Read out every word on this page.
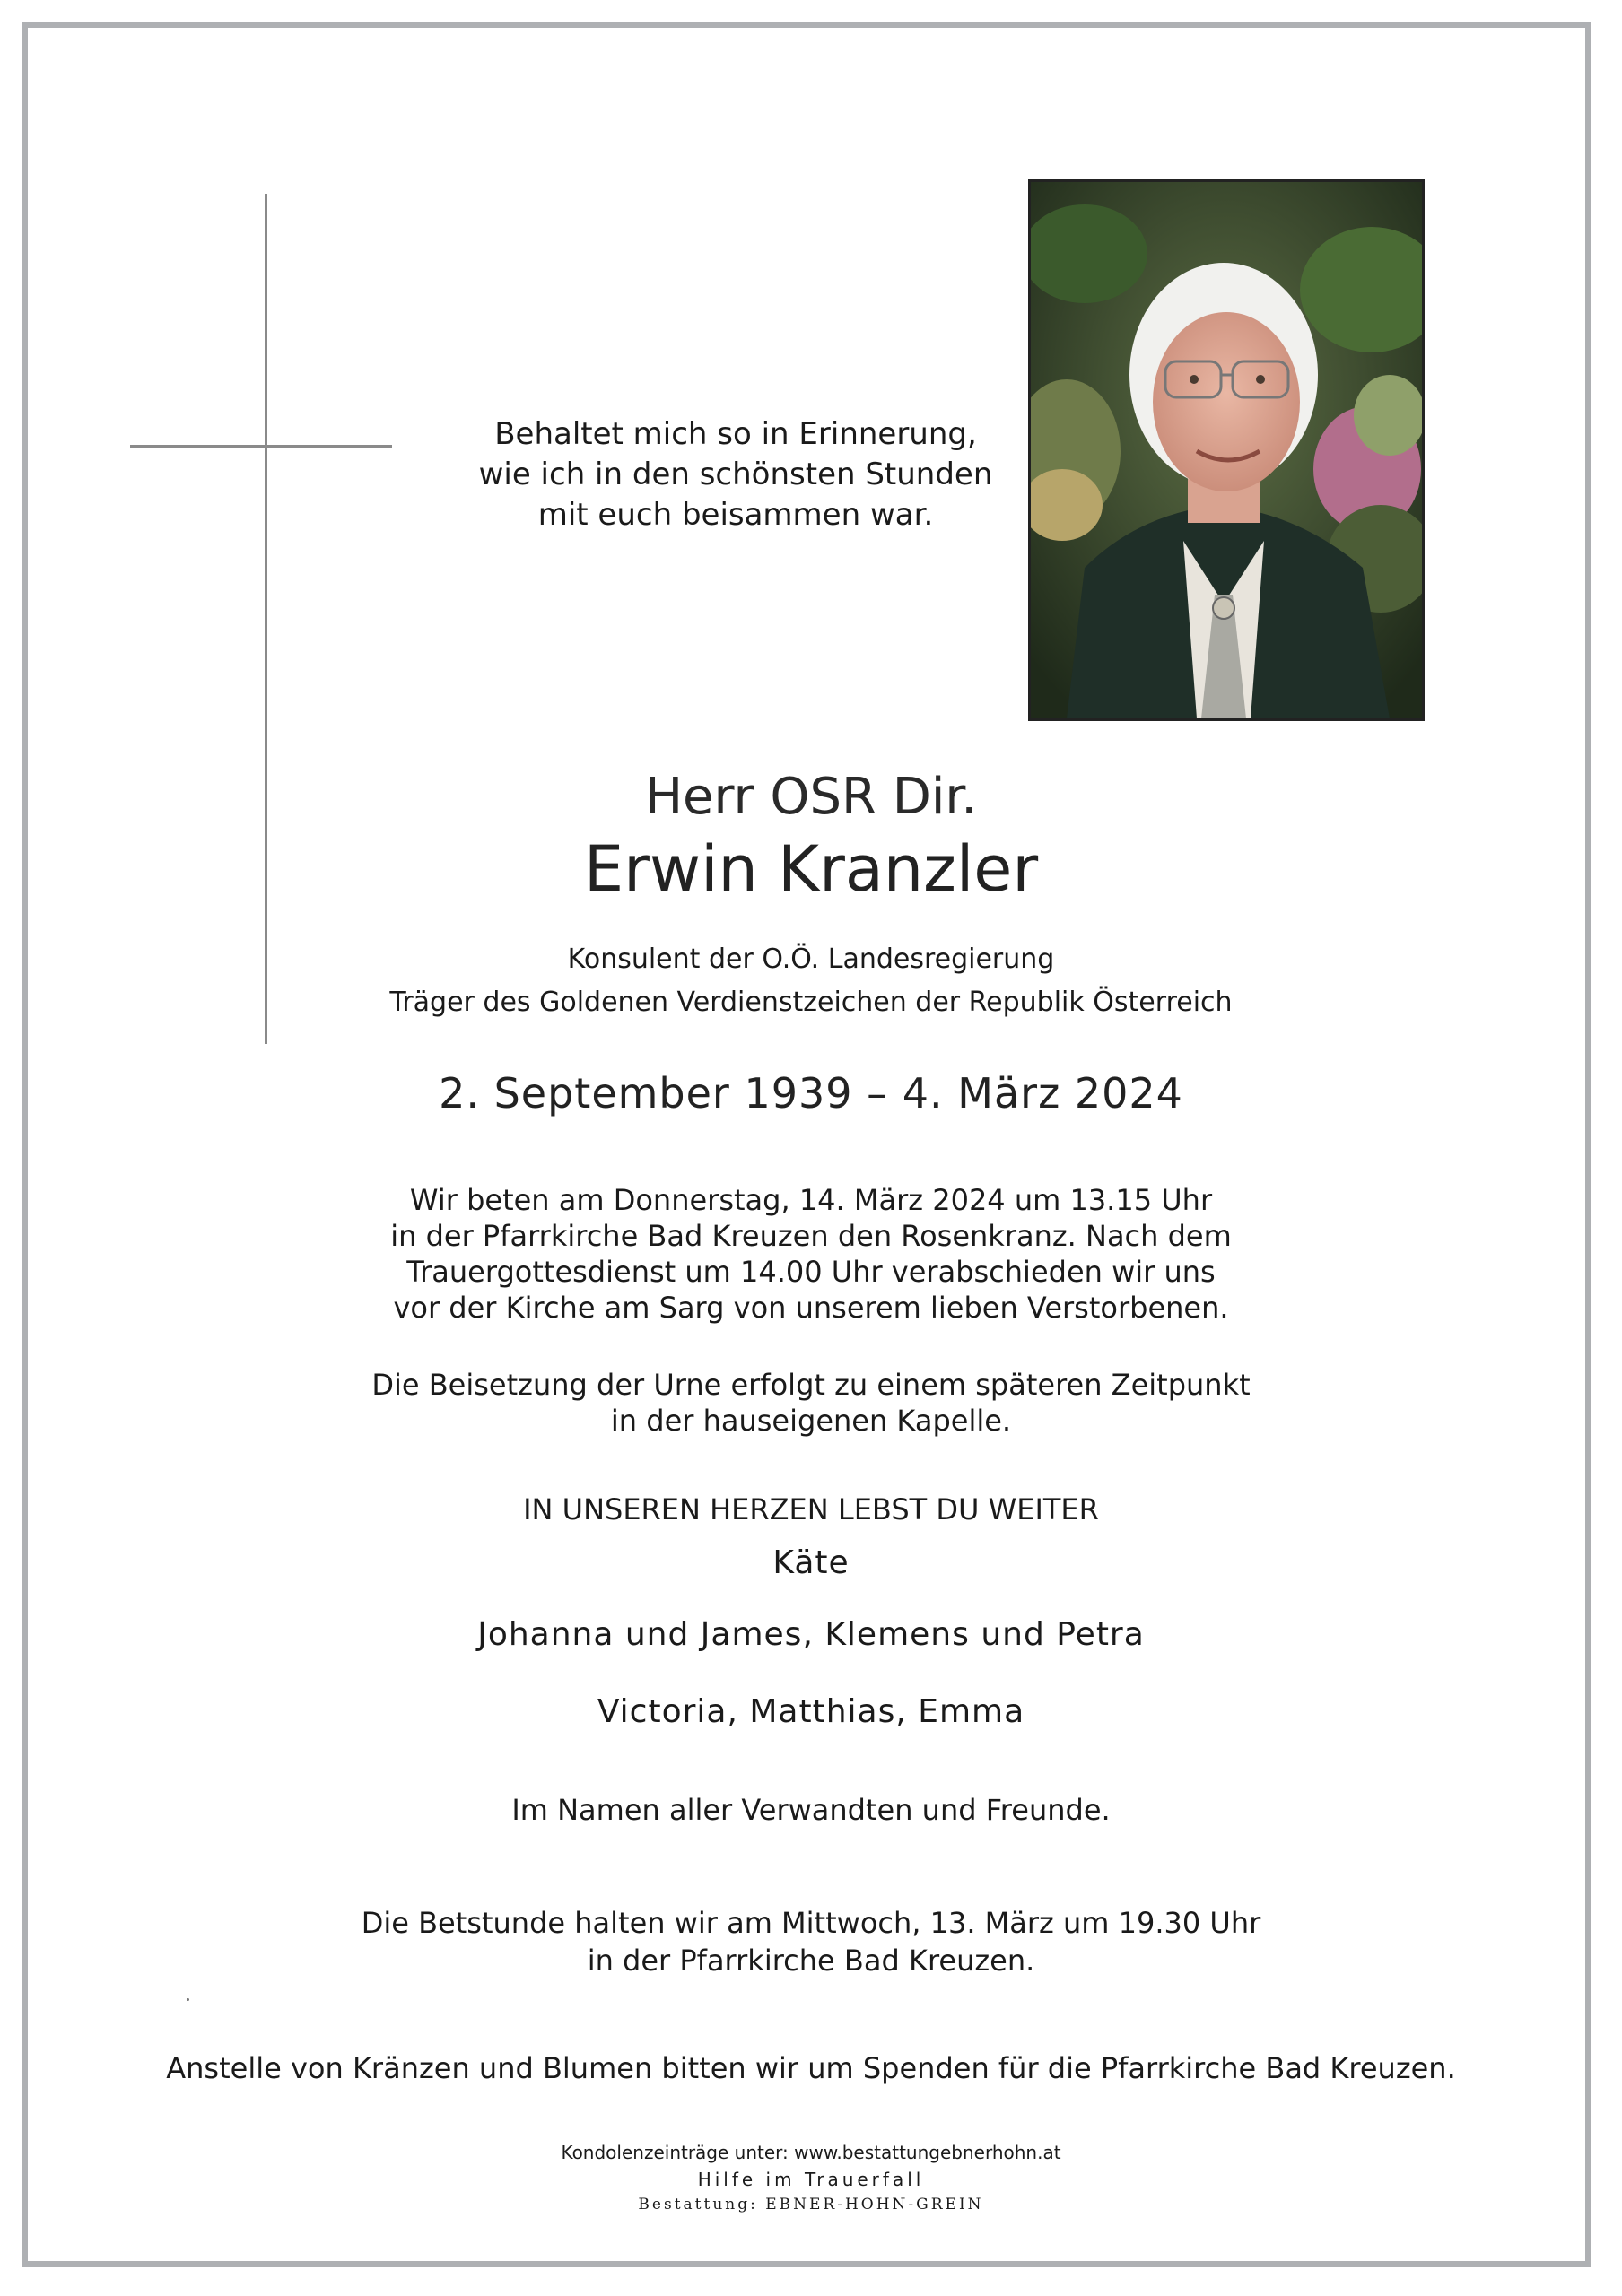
Behaltet mich so in Erinnerung,
wie ich in den schönsten Stunden
mit euch beisammen war.
Herr OSR Dir.
Erwin Kranzler
Konsulent der O.Ö. Landesregierung
Träger des Goldenen Verdienstzeichen der Republik Österreich
2. September 1939 – 4. März 2024
Wir beten am Donnerstag, 14. März 2024 um 13.15 Uhr
in der Pfarrkirche Bad Kreuzen den Rosenkranz. Nach dem
Trauergottesdienst um 14.00 Uhr verabschieden wir uns
vor der Kirche am Sarg von unserem lieben Verstorbenen.
Die Beisetzung der Urne erfolgt zu einem späteren Zeitpunkt
in der hauseigenen Kapelle.
IN UNSEREN HERZEN LEBST DU WEITER
Käte
Johanna und James, Klemens und Petra
Victoria, Matthias, Emma
Im Namen aller Verwandten und Freunde.
Die Betstunde halten wir am Mittwoch, 13. März um 19.30 Uhr
in der Pfarrkirche Bad Kreuzen.
Anstelle von Kränzen und Blumen bitten wir um Spenden für die Pfarrkirche Bad Kreuzen.
Kondolenzeinträge unter: www.bestattungebnerhohn.at
Hilfe im Trauerfall
Bestattung: EBNER-HOHN-GREIN
